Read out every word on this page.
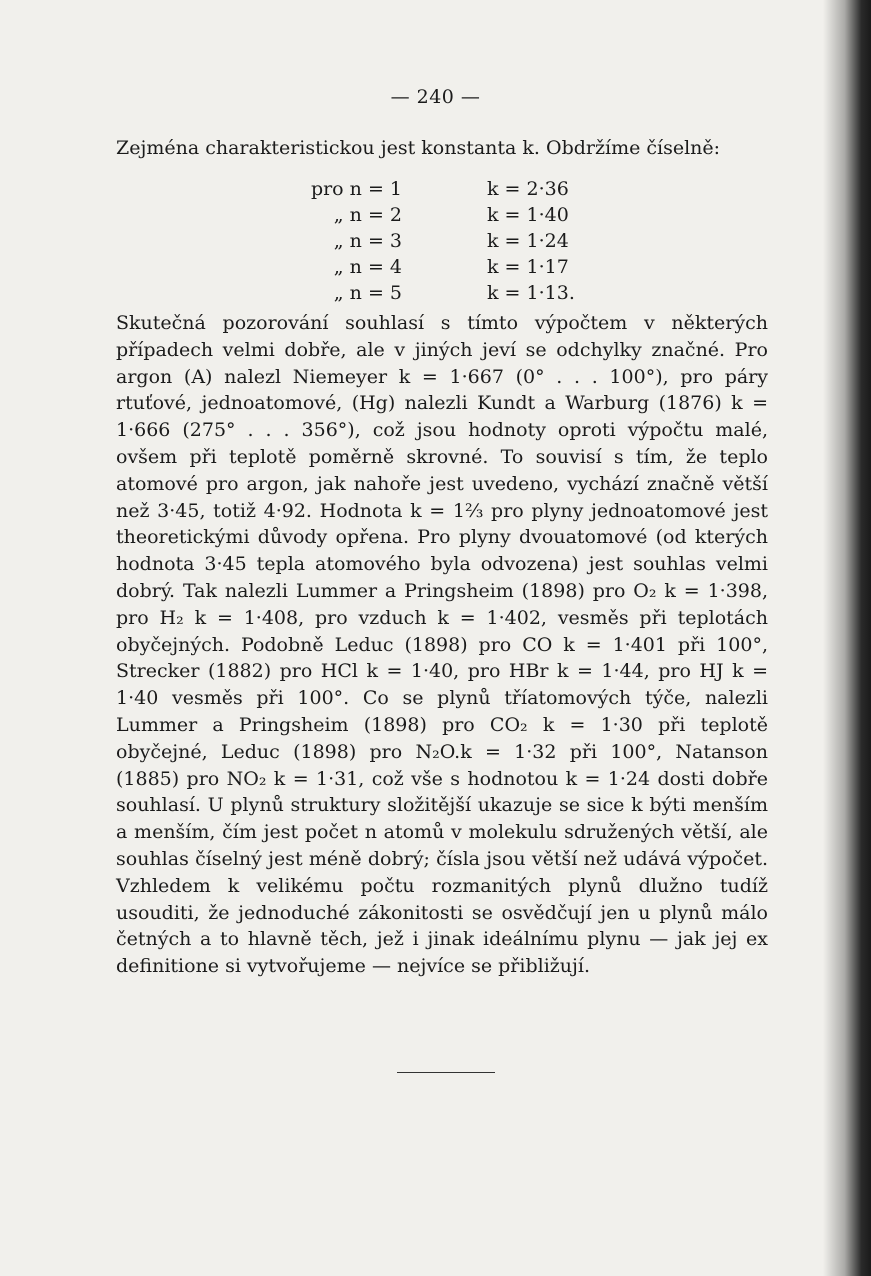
— 240 —
Zejména charakteristickou jest konstanta k. Obdržíme číselně:
pro n = 1	k = 2·36
„ n = 2	k = 1·40
„ n = 3	k = 1·24
„ n = 4	k = 1·17
„ n = 5	k = 1·13.

Skutečná pozorování souhlasí s tímto výpočtem v některých případech velmi dobře, ale v jiných jeví se odchylky značné. Pro argon (A) nalezl Niemeyer k = 1·667 (0° . . . 100°), pro páry rtuťové, jednoatomové, (Hg) nalezli Kundt a Warburg (1876) k = 1·666 (275° . . . 356°), což jsou hodnoty oproti výpočtu malé, ovšem při teplotě poměrně skrovné. To souvisí s tím, že teplo atomové pro argon, jak nahoře jest uvedeno, vychází značně větší než 3·45, totiž 4·92. Hodnota k = 1⅔ pro plyny jednoatomové jest theoretickými důvody opřena. Pro plyny dvouatomové (od kterých hodnota 3·45 tepla atomového byla odvozena) jest souhlas velmi dobrý. Tak nalezli Lummer a Pringsheim (1898) pro O₂ k = 1·398, pro H₂ k = 1·408, pro vzduch k = 1·402, vesměs při teplotách obyčejných. Podobně Leduc (1898) pro CO k = 1·401 při 100°, Strecker (1882) pro HCl k = 1·40, pro HBr k = 1·44, pro HJ k = 1·40 vesměs při 100°. Co se plynů tříatomových týče, nalezli Lummer a Pringsheim (1898) pro CO₂ k = 1·30 při teplotě obyčejné, Leduc (1898) pro N₂O.k = 1·32 při 100°, Natanson (1885) pro NO₂ k = 1·31, což vše s hodnotou k = 1·24 dosti dobře souhlasí. U plynů struktury složitější ukazuje se sice k býti menším a menším, čím jest počet n atomů v molekulu sdružených větší, ale souhlas číselný jest méně dobrý; čísla jsou větší než udává výpočet. Vzhledem k velikému počtu rozmanitých plynů dlužno tudíž usouditi, že jednoduché zákonitosti se osvědčují jen u plynů málo četných a to hlavně těch, jež i jinak ideálnímu plynu — jak jej ex definitione si vytvořujeme — nejvíce se přibližují.
